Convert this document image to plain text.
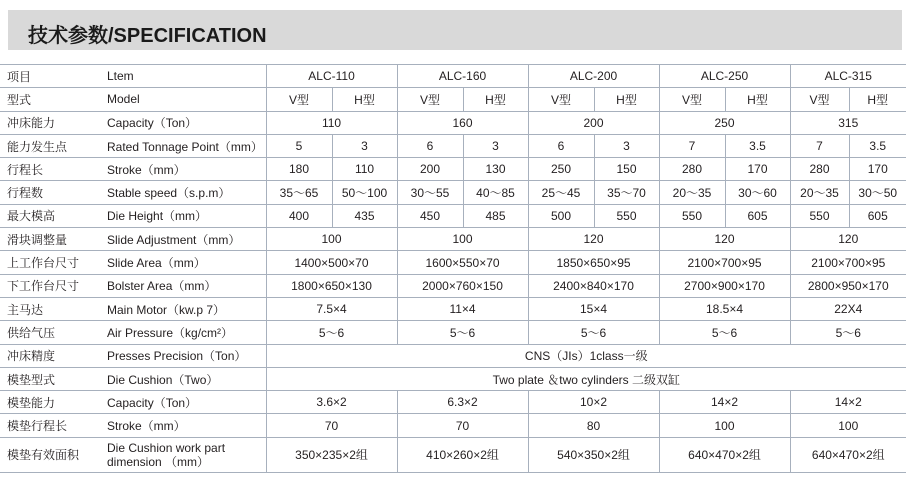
技术参数/SPECIFICATION
项目	Ltem	ALC-110		ALC-160		ALC-200		ALC-250		ALC-315	
型式	Model	V型	H型	V型	H型	V型	H型	V型	H型	V型	H型
冲床能力	Capacity（Ton）	110		160		200		250		315	
能力发生点	Rated Tonnage Point（mm）	5	3	6	3	6	3	7	3.5	7	3.5
行程长	Stroke（mm）	180	110	200	130	250	150	280	170	280	170
行程数	Stable speed（s.p.m）	35～65	50～100	30～55	40～85	25～45	35～70	20～35	30～60	20～35	30～50
最大模高	Die Height（mm）	400	435	450	485	500	550	550	605	550	605
滑块调整量	Slide Adjustment（mm）	100		100		120		120		120	
上工作台尺寸	Slide Area（mm）	1400×500×70		1600×550×70		1850×650×95		2100×700×95		2100×700×95	
下工作台尺寸	Bolster Area（mm）	1800×650×130		2000×760×150		2400×840×170		2700×900×170		2800×950×170	
主马达	Main Motor（kw.p 7）	7.5×4		11×4		15×4		18.5×4		22X4	
供给气压	Air Pressure（kg/cm²）	5～6		5～6		5～6		5～6		5～6	
冲床精度	Presses Precision（Ton）	CNS（JIs）1class一级									
模垫型式	Die Cushion（Two）	Two plate ＆two cylinders 二级双缸									
模垫能力	Capacity（Ton）	3.6×2		6.3×2		10×2		14×2		14×2	
模垫行程长	Stroke（mm）	70		70		80		100		100	
模垫有效面积	Die Cushion work part dimension （mm）	350×235×2组		410×260×2组		540×350×2组		640×470×2组		640×470×2组	
